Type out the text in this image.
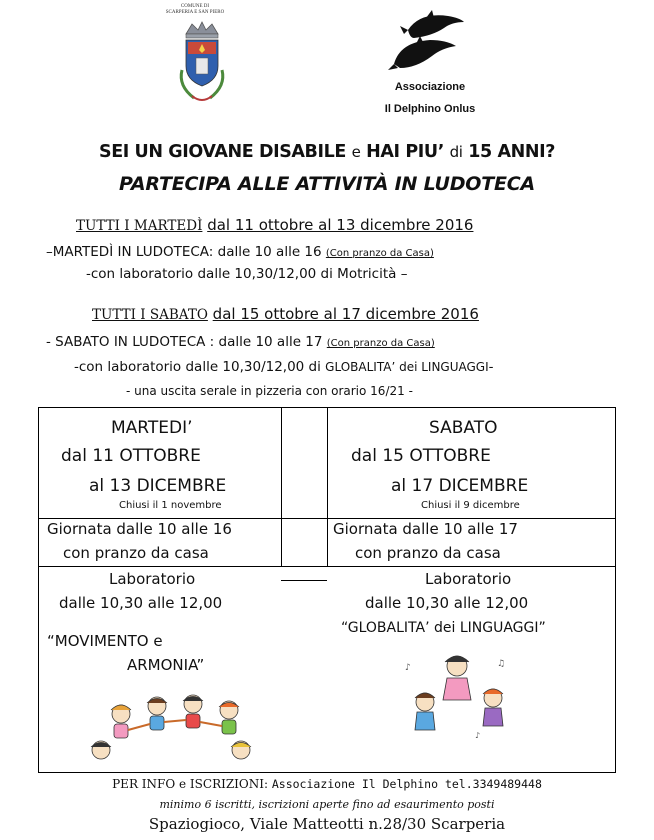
COMUNE DI
SCARPERIA E SAN PIERO
Associazione
Il Delphino Onlus
SEI UN GIOVANE DISABILE e HAI PIU’ di 15 ANNI?
PARTECIPA ALLE ATTIVITÀ IN LUDOTECA
TUTTI I MARTEDÌ dal 11 ottobre al 13 dicembre 2016
–MARTEDÌ IN LUDOTECA: dalle 10 alle 16 (Con pranzo da Casa)
-con laboratorio dalle 10,30/12,00 di Motricità –
TUTTI I SABATO dal 15 ottobre al 17 dicembre 2016
- SABATO IN LUDOTECA : dalle 10 alle 17 (Con pranzo da Casa)
-con laboratorio dalle 10,30/12,00 di GLOBALITA’ dei LINGUAGGI-
- una uscita serale in pizzeria con orario 16/21 -
MARTEDI’
dal 11 OTTOBRE
al 13 DICEMBRE
Chiusi il 1 novembre
Giornata dalle 10 alle 16
con pranzo da casa
Laboratorio
dalle 10,30 alle 12,00
“MOVIMENTO e
ARMONIA”
SABATO
dal 15 OTTOBRE
al 17 DICEMBRE
Chiusi il 9 dicembre
Giornata dalle 10 alle 17
con pranzo da casa
Laboratorio
dalle 10,30 alle 12,00
“GLOBALITA’ dei LINGUAGGI”
♪	♫
♪
PER INFO e ISCRIZIONI: Associazione Il Delphino tel.3349489448
minimo 6 iscritti, iscrizioni aperte fino ad esaurimento posti
Spaziogioco, Viale Matteotti n.28/30 Scarperia
